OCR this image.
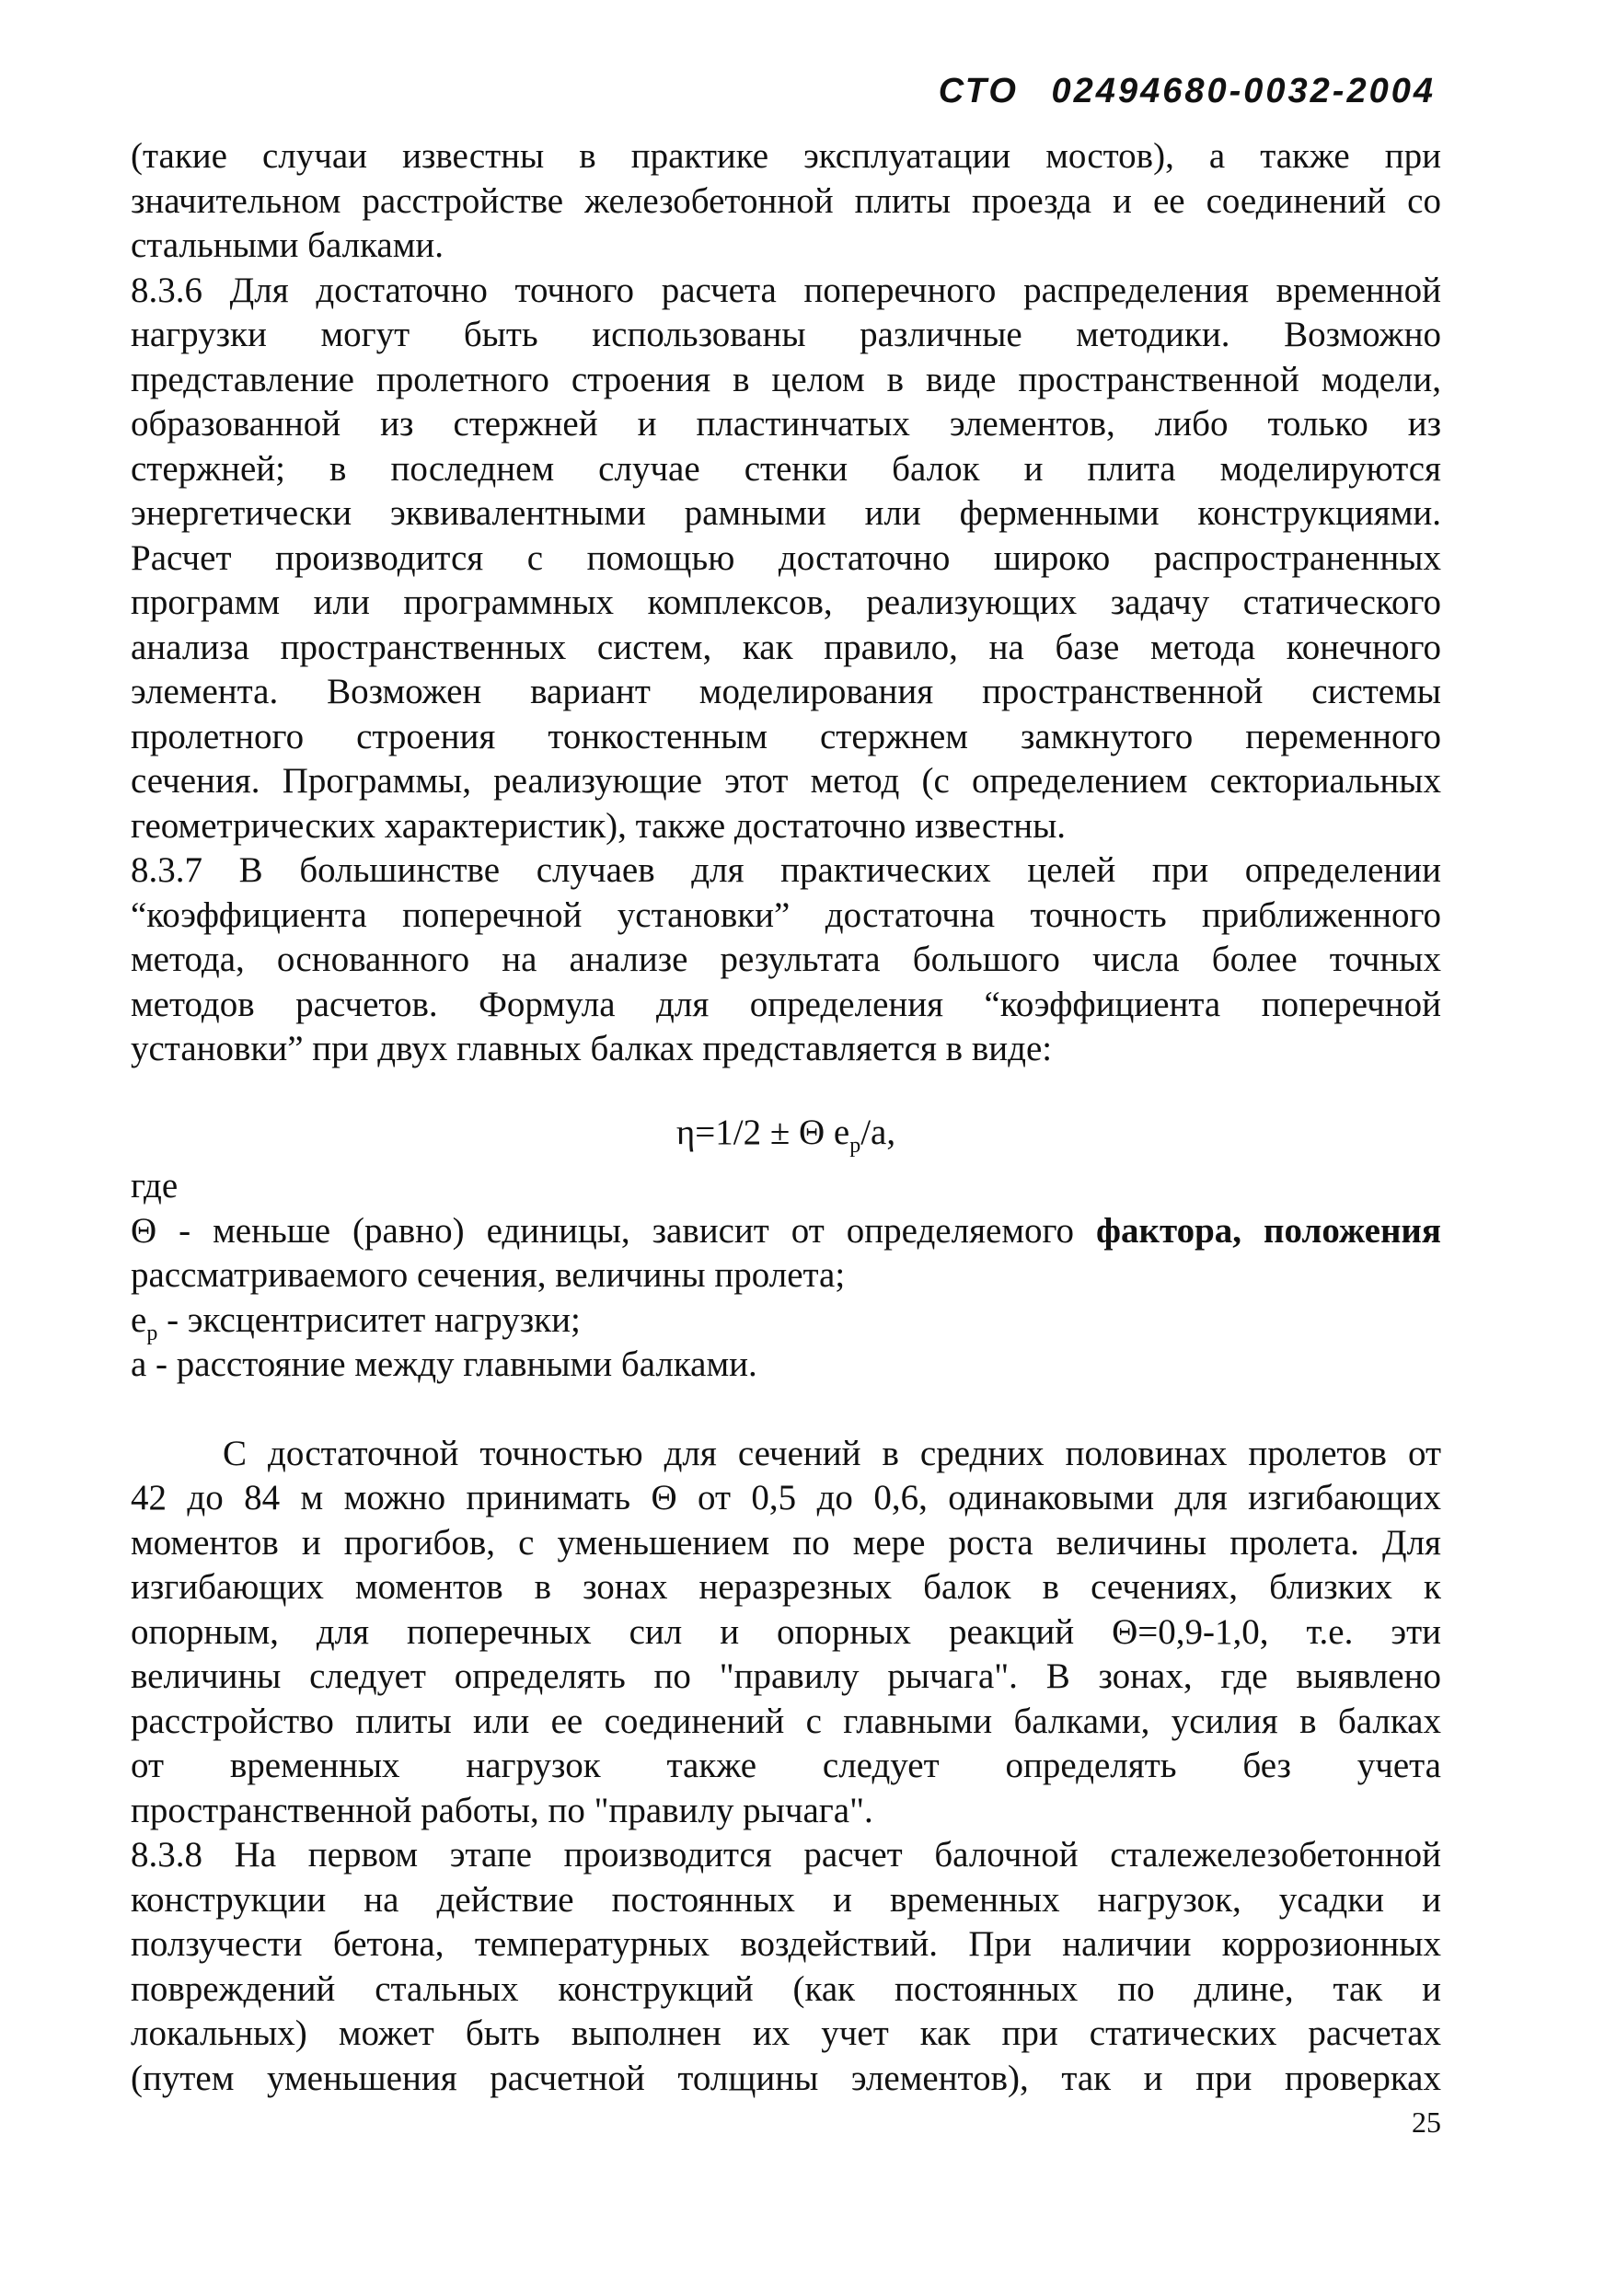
СТО 02494680-0032-2004
(такие случаи известны в практике эксплуатации мостов), а также при
значительном расстройстве железобетонной плиты проезда и ее соединений со
стальными балками.
8.3.6 Для достаточно точного расчета поперечного распределения временной
нагрузки могут быть использованы различные методики. Возможно
представление пролетного строения в целом в виде пространственной модели,
образованной из стержней и пластинчатых элементов, либо только из
стержней; в последнем случае стенки балок и плита моделируются
энергетически эквивалентными рамными или ферменными конструкциями.
Расчет производится с помощью достаточно широко распространенных
программ или программных комплексов, реализующих задачу статического
анализа пространственных систем, как правило, на базе метода конечного
элемента. Возможен вариант моделирования пространственной системы
пролетного строения тонкостенным стержнем замкнутого переменного
сечения. Программы, реализующие этот метод (с определением секториальных
геометрических характеристик), также достаточно известны.
8.3.7 В большинстве случаев для практических целей при определении
“коэффициента поперечной установки” достаточна точность приближенного
метода, основанного на анализе результата большого числа более точных
методов расчетов. Формула для определения “коэффициента поперечной
установки” при двух главных балках представляется в виде:
η=1/2 ± Θ $e_p/a$,
где
Θ - меньше (равно) единицы, зависит от определяемого фактора, положения
рассматриваемого сечения, величины пролета;
$e_p$ - эксцентриситет нагрузки;
a - расстояние между главными балками.
С достаточной точностью для сечений в средних половинах пролетов от
42 до 84 м можно принимать Θ от 0,5 до 0,6, одинаковыми для изгибающих
моментов и прогибов, с уменьшением по мере роста величины пролета. Для
изгибающих моментов в зонах неразрезных балок в сечениях, близких к
опорным, для поперечных сил и опорных реакций Θ=0,9-1,0, т.е. эти
величины следует определять по "правилу рычага". В зонах, где выявлено
расстройство плиты или ее соединений с главными балками, усилия в балках
от временных нагрузок также следует определять без учета
пространственной работы, по "правилу рычага".
8.3.8 На первом этапе производится расчет балочной сталежелезобетонной
конструкции на действие постоянных и временных нагрузок, усадки и
ползучести бетона, температурных воздействий. При наличии коррозионных
повреждений стальных конструкций (как постоянных по длине, так и
локальных) может быть выполнен их учет как при статических расчетах
(путем уменьшения расчетной толщины элементов), так и при проверках
25
